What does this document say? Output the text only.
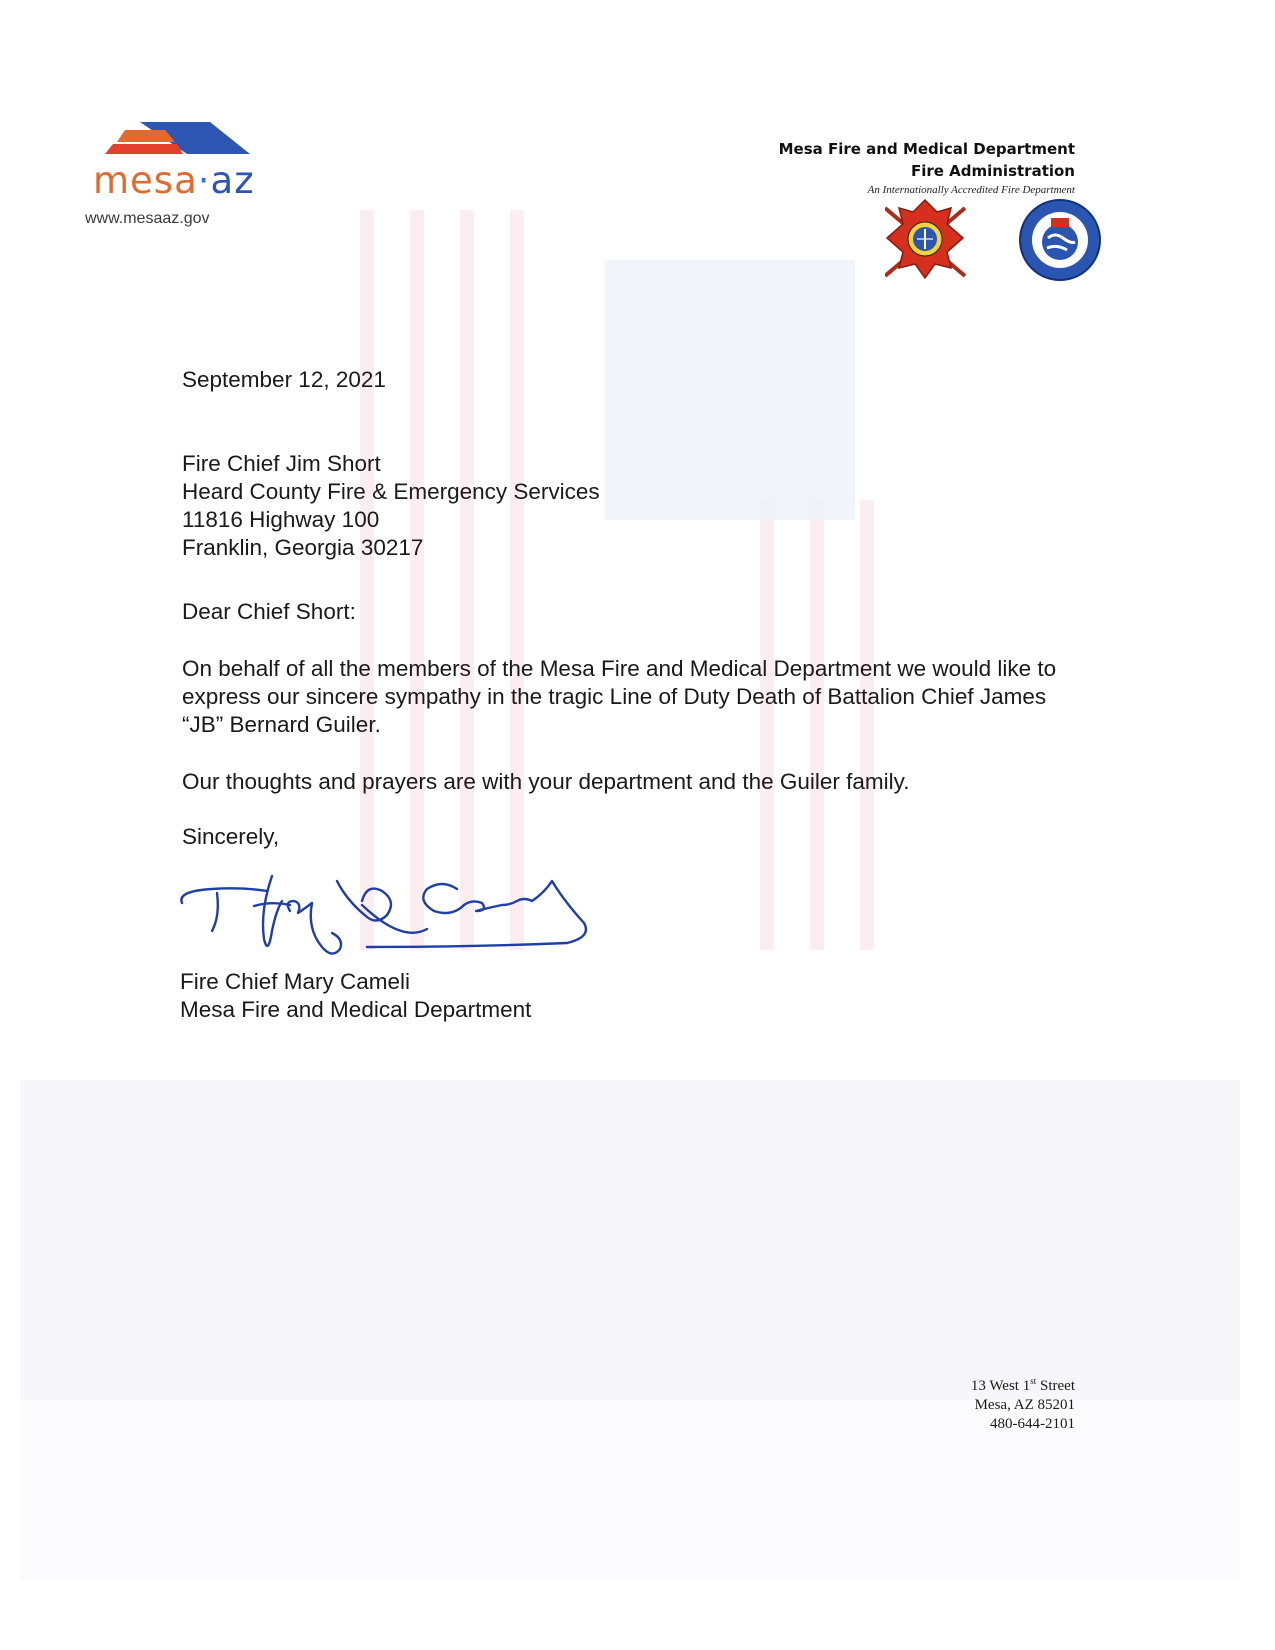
mesa·az
www.mesaaz.gov
Mesa Fire and Medical Department
Fire Administration
An Internationally Accredited Fire Department

September 12, 2021

Fire Chief Jim Short
Heard County Fire & Emergency Services
11816 Highway 100
Franklin, Georgia 30217

Dear Chief Short:

On behalf of all the members of the Mesa Fire and Medical Department we would like to express our sincere sympathy in the tragic Line of Duty Death of Battalion Chief James “JB” Bernard Guiler.

Our thoughts and prayers are with your department and the Guiler family.

Sincerely,

Fire Chief Mary Cameli
Mesa Fire and Medical Department
13 West 1st Street
Mesa, AZ 85201
480-644-2101
